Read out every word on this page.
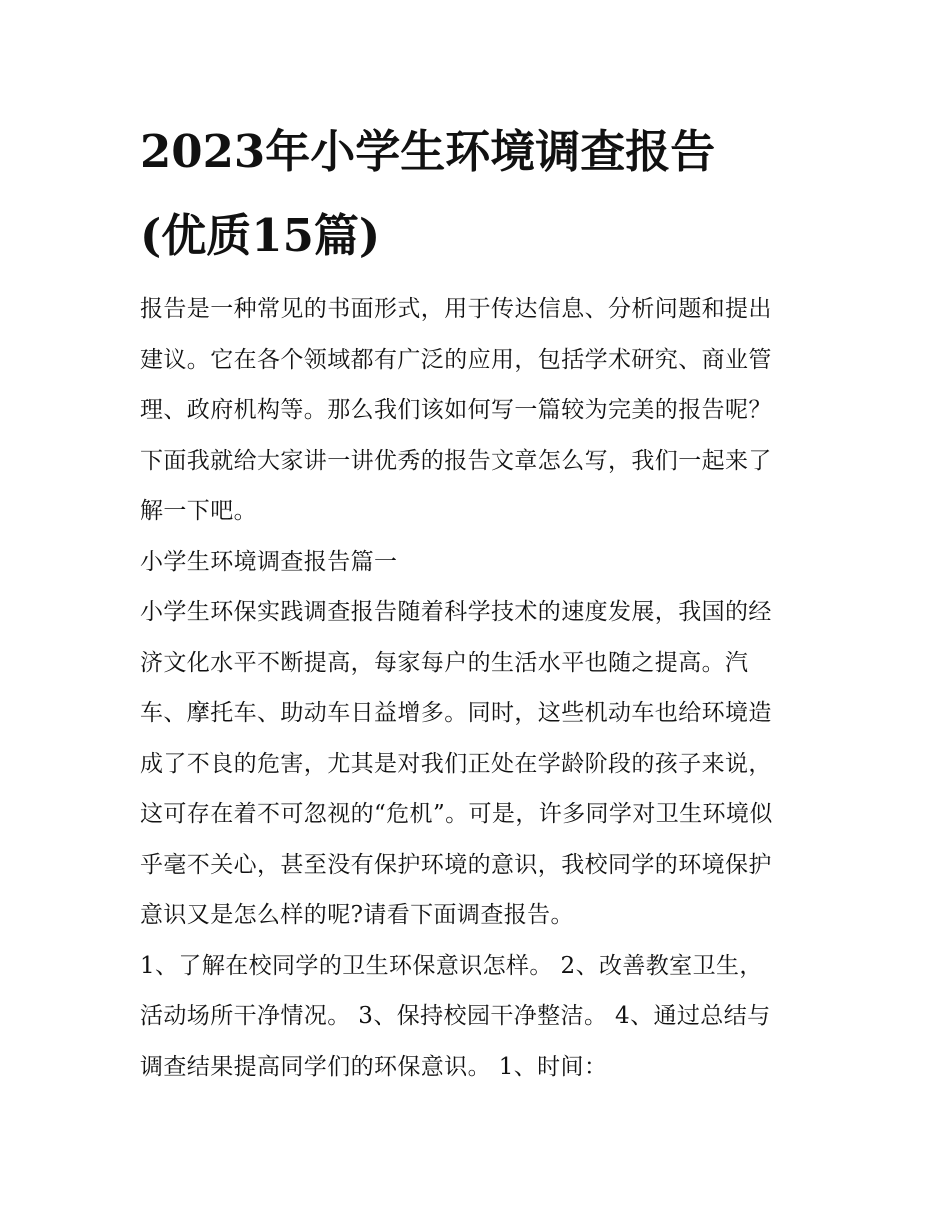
2023年小学生环境调查报告
(优质15篇)
报告是一种常见的书面形式，用于传达信息、分析问题和提出
建议。它在各个领域都有广泛的应用，包括学术研究、商业管
理、政府机构等。那么我们该如何写一篇较为完美的报告呢？
下面我就给大家讲一讲优秀的报告文章怎么写，我们一起来了
解一下吧。
小学生环境调查报告篇一
小学生环保实践调查报告随着科学技术的速度发展，我国的经
济文化水平不断提高，每家每户的生活水平也随之提高。汽
车、摩托车、助动车日益增多。同时，这些机动车也给环境造
成了不良的危害，尤其是对我们正处在学龄阶段的孩子来说，
这可存在着不可忽视的“危机”。可是，许多同学对卫生环境似
乎毫不关心，甚至没有保护环境的意识，我校同学的环境保护
意识又是怎么样的呢?请看下面调查报告。
1、了解在校同学的卫生环保意识怎样。 2、改善教室卫生，
活动场所干净情况。 3、保持校园干净整洁。 4、通过总结与
调查结果提高同学们的环保意识。 1、时间：
